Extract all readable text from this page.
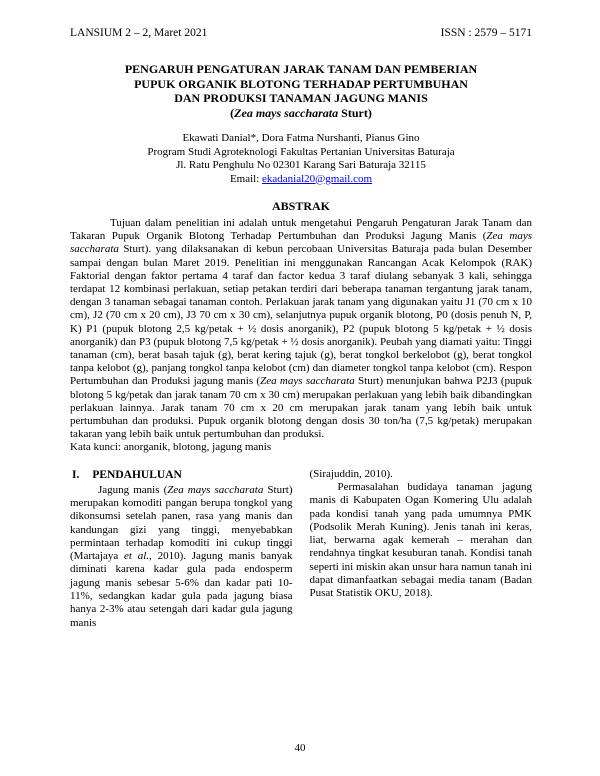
LANSIUM 2 – 2, Maret 2021	ISSN : 2579 – 5171
PENGARUH PENGATURAN JARAK TANAM DAN PEMBERIAN
PUPUK ORGANIK BLOTONG TERHADAP PERTUMBUHAN
DAN PRODUKSI TANAMAN JAGUNG MANIS
(Zea mays saccharata Sturt)
Ekawati Danial*, Dora Fatma Nurshanti, Pianus Gino
Program Studi Agroteknologi Fakultas Pertanian Universitas Baturaja
Jl. Ratu Penghulu No 02301 Karang Sari Baturaja 32115
Email: ekadanial20@gmail.com
ABSTRAK

Tujuan dalam penelitian ini adalah untuk mengetahui Pengaruh Pengaturan Jarak Tanam dan Takaran Pupuk Organik Blotong Terhadap Pertumbuhan dan Produksi Jagung Manis (Zea mays saccharata Sturt). yang dilaksanakan di kebun percobaan Universitas Baturaja pada bulan Desember sampai dengan bulan Maret 2019. Penelitian ini menggunakan Rancangan Acak Kelompok (RAK) Faktorial dengan faktor pertama 4 taraf dan factor kedua 3 taraf diulang sebanyak 3 kali, sehingga terdapat 12 kombinasi perlakuan, setiap petakan terdiri dari beberapa tanaman tergantung jarak tanam, dengan 3 tanaman sebagai tanaman contoh. Perlakuan jarak tanam yang digunakan yaitu J1 (70 cm x 10 cm), J2 (70 cm x 20 cm), J3 70 cm x 30 cm), selanjutnya pupuk organik blotong, P0 (dosis penuh N, P, K) P1 (pupuk blotong 2,5 kg/petak + ½ dosis anorganik), P2 (pupuk blotong 5 kg/petak + ½ dosis anorganik) dan P3 (pupuk blotong 7,5 kg/petak + ½ dosis anorganik). Peubah yang diamati yaitu: Tinggi tanaman (cm), berat basah tajuk (g), berat kering tajuk (g), berat tongkol berkelobot (g), berat tongkol tanpa kelobot (g), panjang tongkol tanpa kelobot (cm) dan diameter tongkol tanpa kelobot (cm). Respon Pertumbuhan dan Produksi jagung manis (Zea mays saccharata Sturt) menunjukan bahwa P2J3 (pupuk blotong 5 kg/petak dan jarak tanam 70 cm x 30 cm) merupakan perlakuan yang lebih baik dibandingkan perlakuan lainnya. Jarak tanam 70 cm x 20 cm merupakan jarak tanam yang lebih baik untuk pertumbuhan dan produksi. Pupuk organik blotong dengan dosis 30 ton/ha (7,5 kg/petak) merupakan takaran yang lebih baik untuk pertumbuhan dan produksi.

Kata kunci: anorganik, blotong, jagung manis

I. PENDAHULUAN

Jagung manis (Zea mays saccharata Sturt) merupakan komoditi pangan berupa tongkol yang dikonsumsi setelah panen, rasa yang manis dan kandungan gizi yang tinggi, menyebabkan permintaan terhadap komoditi ini cukup tinggi (Martajaya et al., 2010). Jagung manis banyak diminati karena kadar gula pada endosperm jagung manis sebesar 5-6% dan kadar pati 10-11%, sedangkan kadar gula pada jagung biasa hanya 2-3% atau setengah dari kadar gula jagung manis

(Sirajuddin, 2010).

Permasalahan budidaya tanaman jagung manis di Kabupaten Ogan Komering Ulu adalah pada kondisi tanah yang pada umumnya PMK (Podsolik Merah Kuning). Jenis tanah ini keras, liat, berwarna agak kemerah – merahan dan rendahnya tingkat kesuburan tanah. Kondisi tanah seperti ini miskin akan unsur hara namun tanah ini dapat dimanfaatkan sebagai media tanam (Badan Pusat Statistik OKU, 2018).

40
